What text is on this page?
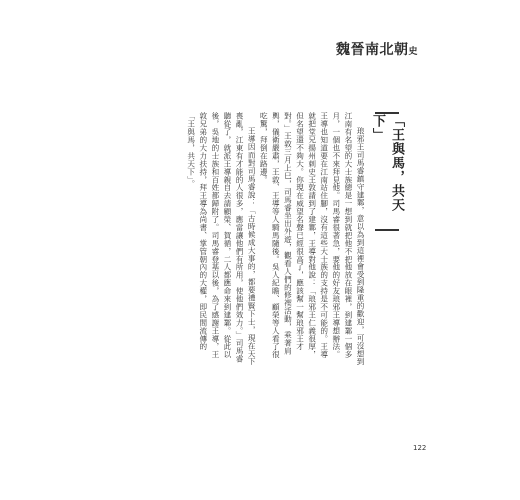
魏晉南北朝史
「王與馬，共天下」

琅邪王司馬睿鎮守建鄴，意以為到這裡會受到隆重的歡迎，可沒想到江南有名望的大士族總是一想到就把他不把他放在眼裡，到建鄴一個多月，一個也不來拜見他。司馬睿很著急，要他的好友琅邪王導想辦法。王導也知道要在江南站住腳，沒有這些大士族的支持是不可能的。王導就把堂兄揚州刺史王敦請到了建鄴，王導對他說：「琅邪王仁義很厚，但名望還不夠大。你現在威望名聲已經很高了，應該幫一幫琅邪王才對。」王敦三月上巳，司馬睿坐出外遊，觀看人們的修禊活動，乘著肩輿，儀衛嚴肅，王敦、王導等人騎馬隨後。吳人紀瞻、顧榮等人看了很吃驚，拜倒在路邊。

王導因而對司馬睿說：「古時候成大事的，都要禮賢下士，現在天下喪亂，江東有才能的人很多，應當讓他們有所用，使他們效力。」司馬睿聽從了，就派王導親自去請顧榮、賀循，二人都應命來到建鄴。從此以後，吳地的士族和百姓都歸附了。司馬睿登基以後，為了感謝王導，王敦兄弟的大力扶持，拜王導為尚書、掌管朝內的大權，即民間流傳的「王與馬，共天下」。

122
